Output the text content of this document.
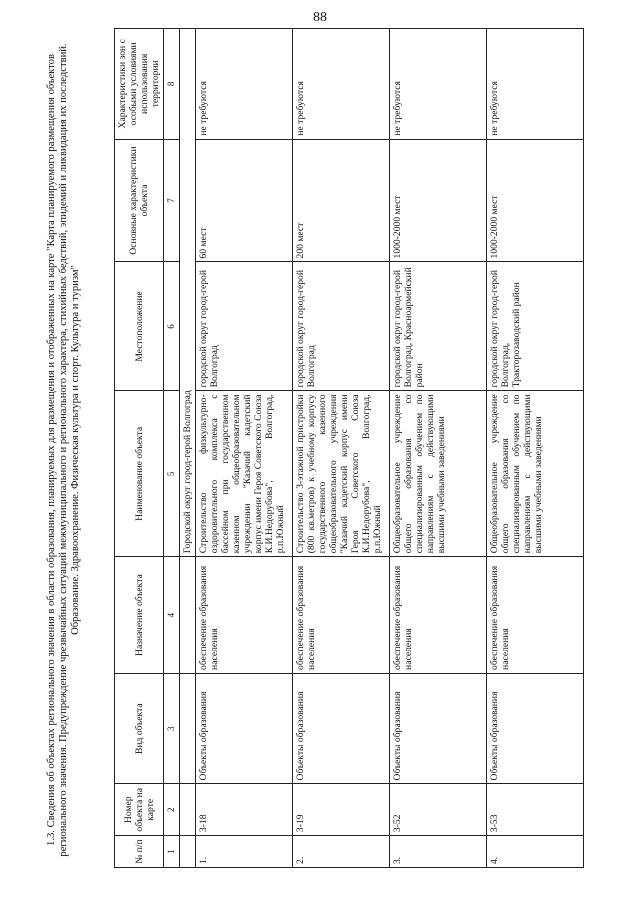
88
1.3. Сведения об объектах регионального значения в области образования, планируемых для размещения и отображенных на карте "Карта планируемого размещения объектов регионального значения. Предупреждение чрезвычайных ситуаций межмуниципального и регионального характера, стихийных бедствий, эпидемий и ликвидация их последствий. Образование. Здравоохранение. Физическая культура и спорт. Культура и туризм"
№ п/п	Номер объекта на карте	Вид объекта	Назначение объекта	Наименование объекта	Местоположение	Основные характеристики объекта	Характеристики зон с особыми условиями использования территории
1	2	3	4	5	6	7	8
				Городской округ город-герой Волгоград			
1.	3-18	Объекты образования	обеспечение образования населения	Строительство физкультурно-оздоровительного комплекса с бассейном при государственном казенном общеобразовательном учреждении "Казачий кадетский корпус имени Героя Советского Союза К.И.Недорубова", Волгоград, р.п.Южный	городской округ город-герой Волгоград	60 мест	не требуются
2.	3-19	Объекты образования	обеспечение образования населения	Строительство 3-этажной пристройки (800 кв.метров) к учебному корпусу государственного казенного общеобразовательного учреждения "Казачий кадетский корпус имени Героя Советского Союза К.И.Недорубова", Волгоград, р.п.Южный	городской округ город-герой Волгоград	200 мест	не требуются
3.	3-52	Объекты образования	обеспечение образования населения	Общеобразовательное учреждение общего образования со специализированным обучением по направлениям с действующими высшими учебными заведениями	городской округ город-герой Волгоград, Красноармейский район	1000-2000 мест	не требуются
4.	3-53	Объекты образования	обеспечение образования населения	Общеобразовательное учреждение общего образования со специализированным обучением по направлениям с действующими высшими учебными заведениями	городской округ город-герой Волгоград, Тракторозаводский район	1000-2000 мест	не требуются
